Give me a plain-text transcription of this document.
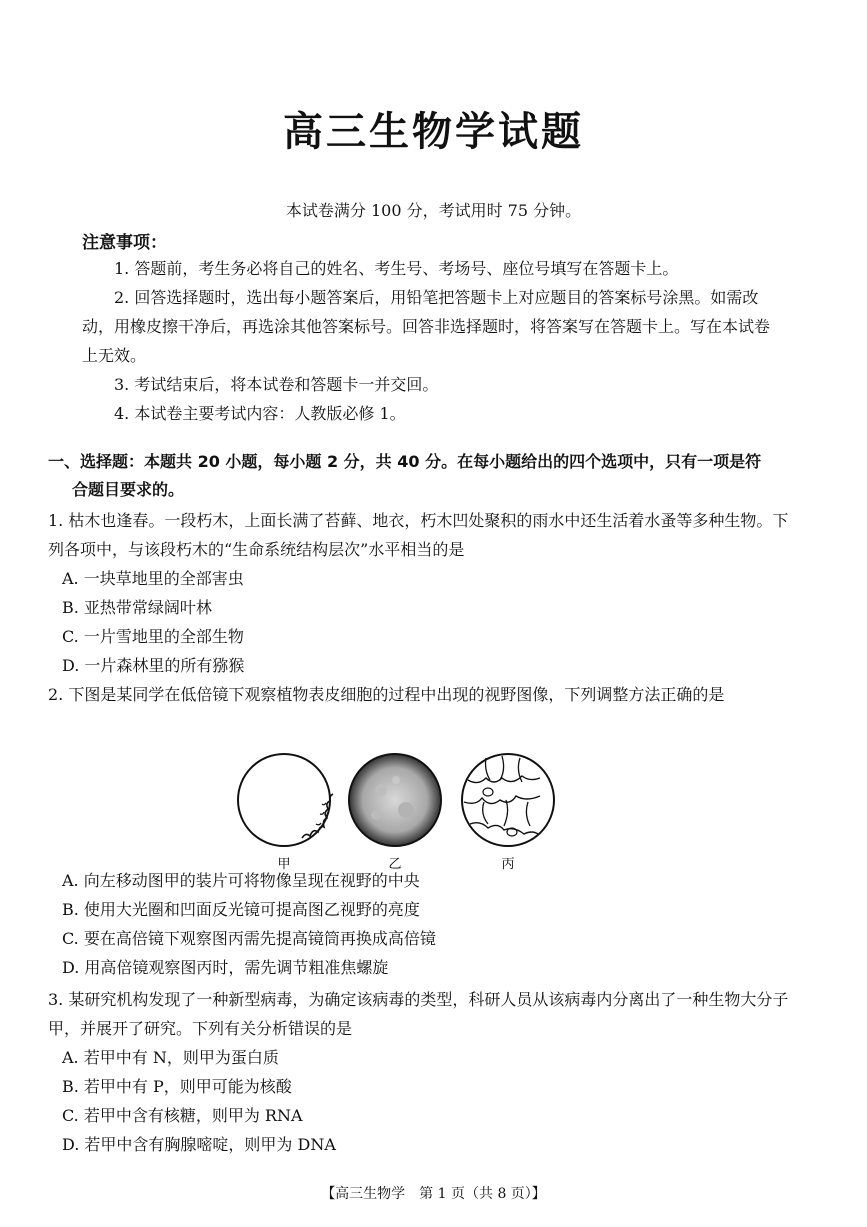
高三生物学试题
本试卷满分 100 分，考试用时 75 分钟。
注意事项：

1. 答题前，考生务必将自己的姓名、考生号、考场号、座位号填写在答题卡上。

2. 回答选择题时，选出每小题答案后，用铅笔把答题卡上对应题目的答案标号涂黑。如需改动，用橡皮擦干净后，再选涂其他答案标号。回答非选择题时，将答案写在答题卡上。写在本试卷上无效。

3. 考试结束后，将本试卷和答题卡一并交回。

4. 本试卷主要考试内容：人教版必修 1。

一、选择题：本题共 20 小题，每小题 2 分，共 40 分。在每小题给出的四个选项中，只有一项是符
合题目要求的。

1. 枯木也逢春。一段朽木，上面长满了苔藓、地衣，朽木凹处聚积的雨水中还生活着水蚤等多种生物。下列各项中，与该段朽木的“生命系统结构层次”水平相当的是

A. 一块草地里的全部害虫

B. 亚热带常绿阔叶林

C. 一片雪地里的全部生物

D. 一片森林里的所有猕猴

2. 下图是某同学在低倍镜下观察植物表皮细胞的过程中出现的视野图像，下列调整方法正确的是

甲	乙	丙

A. 向左移动图甲的装片可将物像呈现在视野的中央

B. 使用大光圈和凹面反光镜可提高图乙视野的亮度

C. 要在高倍镜下观察图丙需先提高镜筒再换成高倍镜

D. 用高倍镜观察图丙时，需先调节粗准焦螺旋

3. 某研究机构发现了一种新型病毒，为确定该病毒的类型，科研人员从该病毒内分离出了一种生物大分子甲，并展开了研究。下列有关分析错误的是

A. 若甲中有 N，则甲为蛋白质

B. 若甲中有 P，则甲可能为核酸

C. 若甲中含有核糖，则甲为 RNA

D. 若甲中含有胸腺嘧啶，则甲为 DNA

【高三生物学　第 1 页（共 8 页）】
